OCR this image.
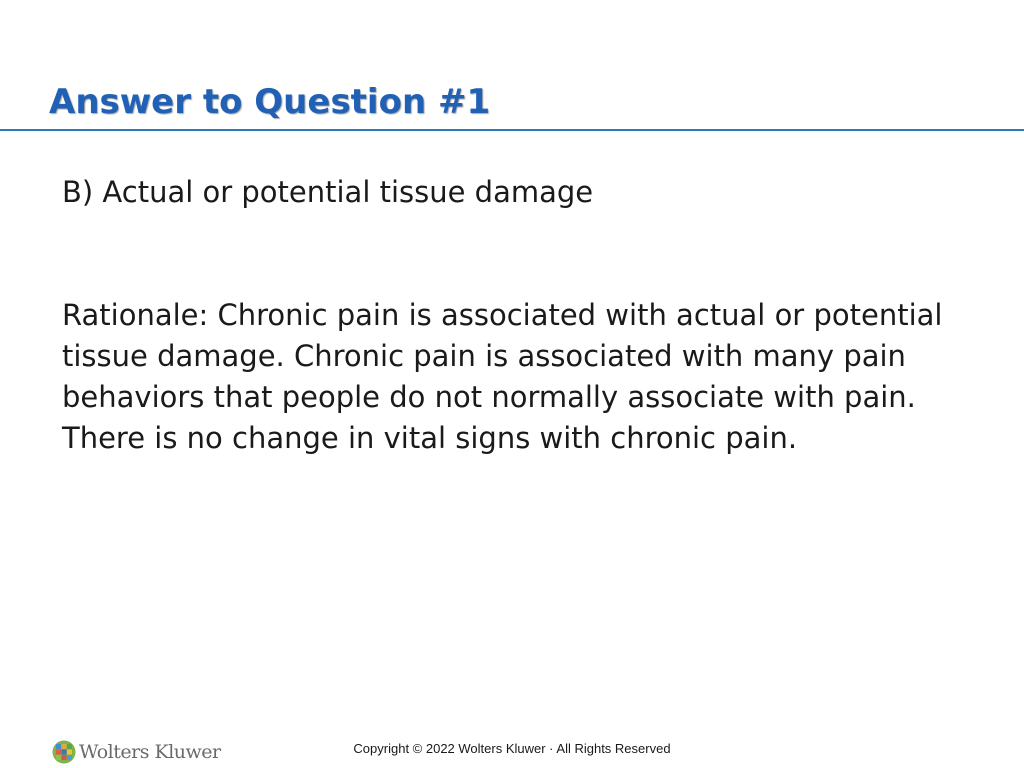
Answer to Question #1

B) Actual or potential tissue damage

Rationale: Chronic pain is associated with actual or potential tissue damage. Chronic pain is associated with many pain behaviors that people do not normally associate with pain. There is no change in vital signs with chronic pain.

Wolters Kluwer	Copyright © 2022 Wolters Kluwer · All Rights Reserved
